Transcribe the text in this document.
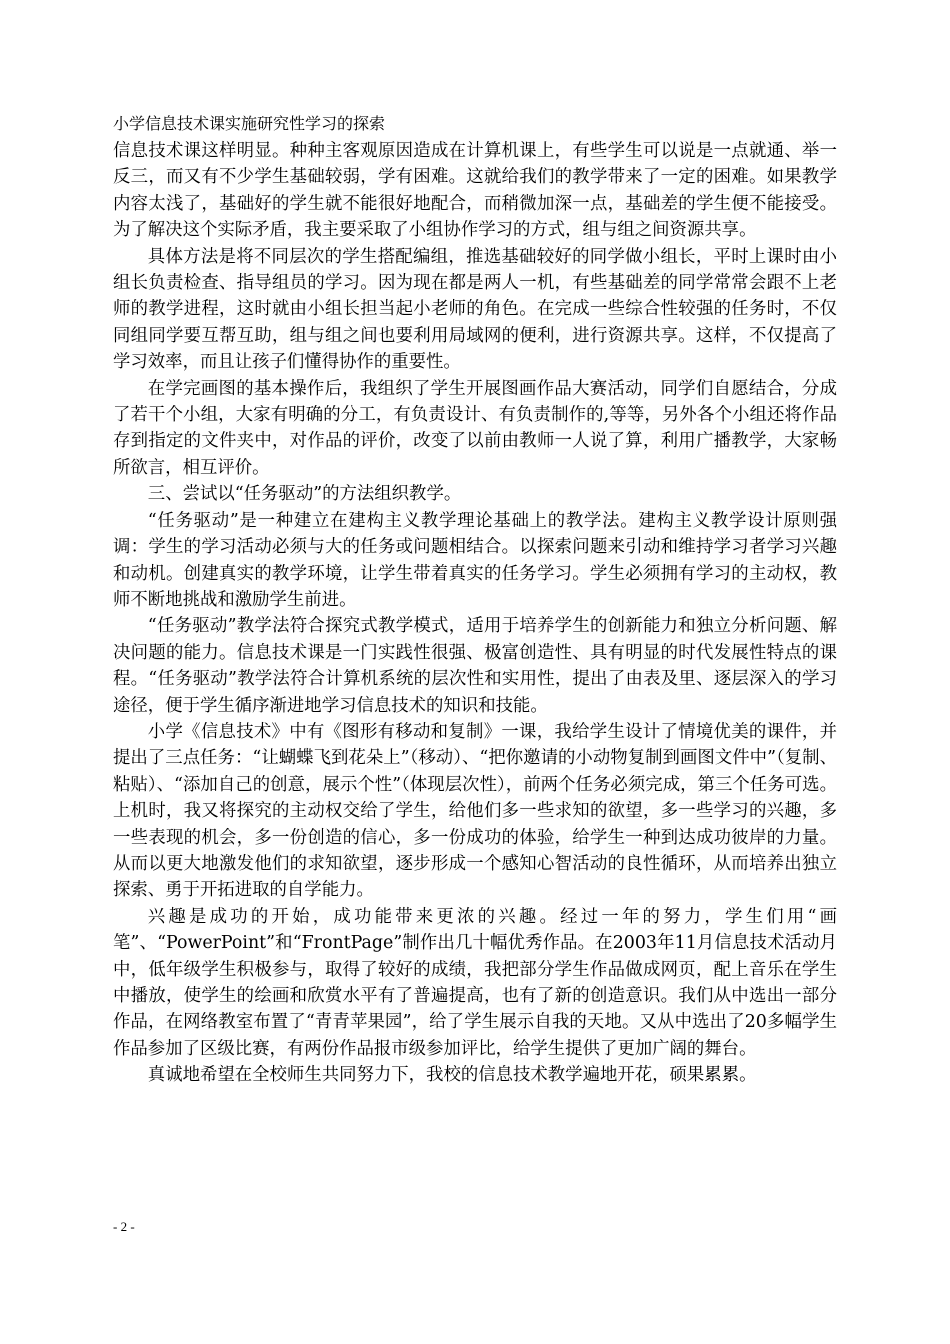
小学信息技术课实施研究性学习的探索

信息技术课这样明显。种种主客观原因造成在计算机课上，有些学生可以说是一点就通、举一反三，而又有不少学生基础较弱，学有困难。这就给我们的教学带来了一定的困难。如果教学内容太浅了，基础好的学生就不能很好地配合，而稍微加深一点，基础差的学生便不能接受。为了解决这个实际矛盾，我主要采取了小组协作学习的方式，组与组之间资源共享。

具体方法是将不同层次的学生搭配编组，推选基础较好的同学做小组长，平时上课时由小组长负责检查、指导组员的学习。因为现在都是两人一机，有些基础差的同学常常会跟不上老师的教学进程，这时就由小组长担当起小老师的角色。在完成一些综合性较强的任务时，不仅同组同学要互帮互助，组与组之间也要利用局域网的便利，进行资源共享。这样，不仅提高了学习效率，而且让孩子们懂得协作的重要性。

在学完画图的基本操作后，我组织了学生开展图画作品大赛活动，同学们自愿结合，分成了若干个小组，大家有明确的分工，有负责设计、有负责制作的,等等，另外各个小组还将作品存到指定的文件夹中，对作品的评价，改变了以前由教师一人说了算，利用广播教学，大家畅所欲言，相互评价。

三、尝试以“任务驱动”的方法组织教学。

“任务驱动”是一种建立在建构主义教学理论基础上的教学法。建构主义教学设计原则强调：学生的学习活动必须与大的任务或问题相结合。以探索问题来引动和维持学习者学习兴趣和动机。创建真实的教学环境，让学生带着真实的任务学习。学生必须拥有学习的主动权，教师不断地挑战和激励学生前进。

“任务驱动”教学法符合探究式教学模式，适用于培养学生的创新能力和独立分析问题、解决问题的能力。信息技术课是一门实践性很强、极富创造性、具有明显的时代发展性特点的课程。“任务驱动”教学法符合计算机系统的层次性和实用性，提出了由表及里、逐层深入的学习途径，便于学生循序渐进地学习信息技术的知识和技能。

小学《信息技术》中有《图形有移动和复制》一课，我给学生设计了情境优美的课件，并提出了三点任务：“让蝴蝶飞到花朵上”（移动）、“把你邀请的小动物复制到画图文件中”（复制、粘贴）、“添加自己的创意，展示个性”（体现层次性），前两个任务必须完成，第三个任务可选。上机时，我又将探究的主动权交给了学生，给他们多一些求知的欲望，多一些学习的兴趣，多一些表现的机会，多一份创造的信心，多一份成功的体验，给学生一种到达成功彼岸的力量。从而以更大地激发他们的求知欲望，逐步形成一个感知心智活动的良性循环，从而培养出独立探索、勇于开拓进取的自学能力。

兴趣是成功的开始，成功能带来更浓的兴趣。经过一年的努力，学生们用“画笔”、“PowerPoint”和“FrontPage”制作出几十幅优秀作品。在2003年11月信息技术活动月中，低年级学生积极参与，取得了较好的成绩，我把部分学生作品做成网页，配上音乐在学生中播放，使学生的绘画和欣赏水平有了普遍提高，也有了新的创造意识。我们从中选出一部分作品，在网络教室布置了“青青苹果园”，给了学生展示自我的天地。又从中选出了20多幅学生作品参加了区级比赛，有两份作品报市级参加评比，给学生提供了更加广阔的舞台。

真诚地希望在全校师生共同努力下，我校的信息技术教学遍地开花，硕果累累。

- 2 -
